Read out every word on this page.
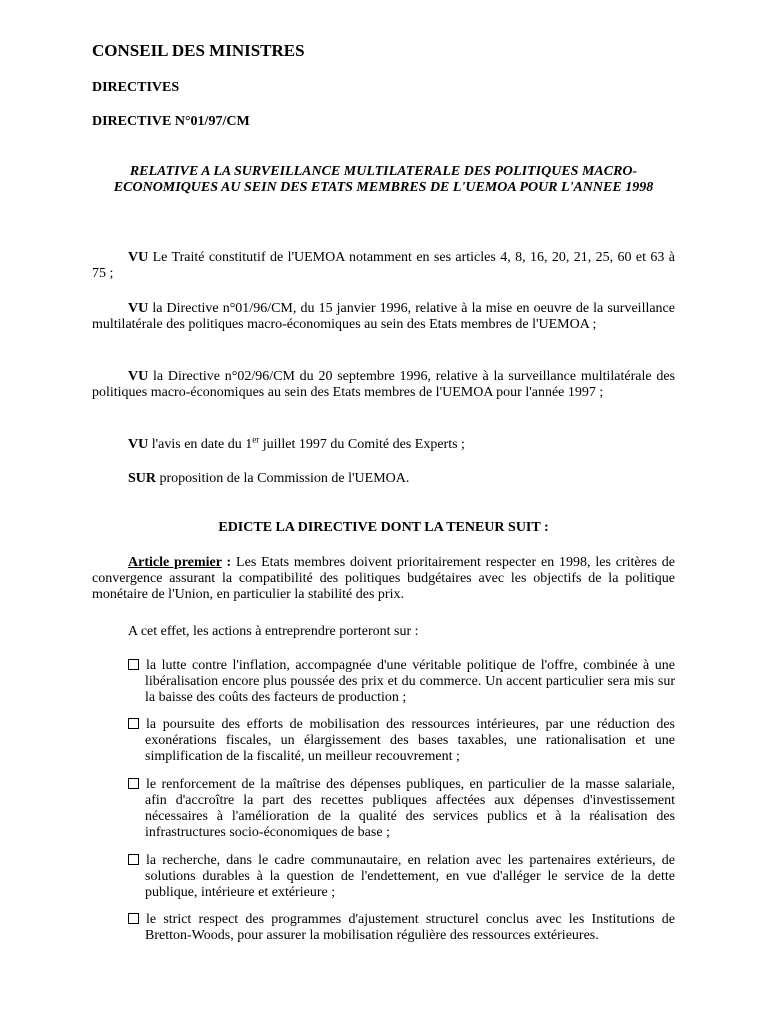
CONSEIL DES MINISTRES
DIRECTIVES
DIRECTIVE N°01/97/CM
RELATIVE A LA SURVEILLANCE MULTILATERALE DES POLITIQUES MACRO-ECONOMIQUES AU SEIN DES ETATS MEMBRES DE L'UEMOA POUR L'ANNEE 1998
VU Le Traité constitutif de l'UEMOA notamment en ses articles 4, 8, 16, 20, 21, 25, 60 et 63 à 75 ;
VU la Directive n°01/96/CM, du 15 janvier 1996, relative à la mise en oeuvre de la surveillance multilatérale des politiques macro-économiques au sein des Etats membres de l'UEMOA ;
VU la Directive n°02/96/CM du 20 septembre 1996, relative à la surveillance multilatérale des politiques macro-économiques au sein des Etats membres de l'UEMOA pour l'année 1997 ;
VU l'avis en date du 1er juillet 1997 du Comité des Experts ;
SUR proposition de la Commission de l'UEMOA.
EDICTE LA DIRECTIVE DONT LA TENEUR SUIT :
Article premier : Les Etats membres doivent prioritairement respecter en 1998, les critères de convergence assurant la compatibilité des politiques budgétaires avec les objectifs de la politique monétaire de l'Union, en particulier la stabilité des prix.
A cet effet, les actions à entreprendre porteront sur :
la lutte contre l'inflation, accompagnée d'une véritable politique de l'offre, combinée à une libéralisation encore plus poussée des prix et du commerce. Un accent particulier sera mis sur la baisse des coûts des facteurs de production ;
la poursuite des efforts de mobilisation des ressources intérieures, par une réduction des exonérations fiscales, un élargissement des bases taxables, une rationalisation et une simplification de la fiscalité, un meilleur recouvrement ;
le renforcement de la maîtrise des dépenses publiques, en particulier de la masse salariale, afin d'accroître la part des recettes publiques affectées aux dépenses d'investissement nécessaires à l'amélioration de la qualité des services publics et à la réalisation des infrastructures socio-économiques de base ;
la recherche, dans le cadre communautaire, en relation avec les partenaires extérieurs, de solutions durables à la question de l'endettement, en vue d'alléger le service de la dette publique, intérieure et extérieure ;
le strict respect des programmes d'ajustement structurel conclus avec les Institutions de Bretton-Woods, pour assurer la mobilisation régulière des ressources extérieures.
